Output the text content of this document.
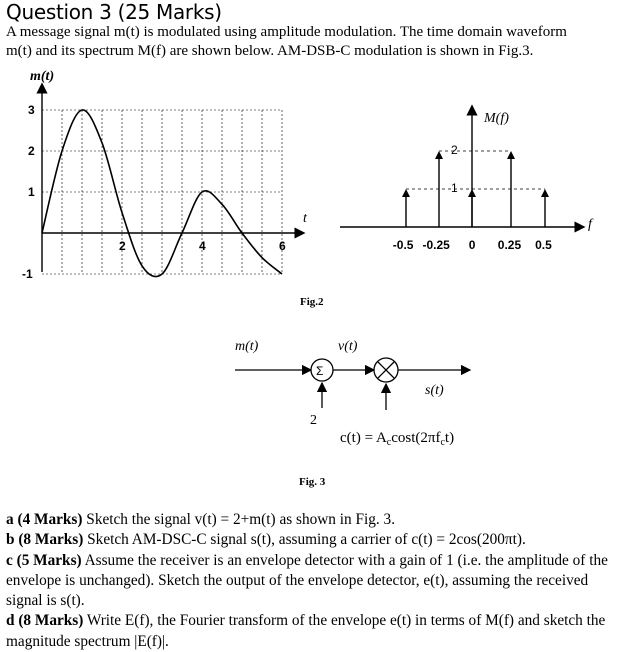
Question 3 (25 Marks)
A message signal m(t) is modulated using amplitude modulation. The time domain waveform
m(t) and its spectrum M(f) are shown below. AM-DSB-C modulation is shown in Fig.3.
m(t)
t
3
2
1
-1
2	4	6
M(f)
f
2
1
-0.5 -0.25 0 0.25 0.5
Fig.2
m(t)	v(t)
Σ
2
s(t)
$c(t) = A_c\cos t(2\pi f_ct)$
Fig. 3
a (4 Marks) Sketch the signal v(t) = 2+m(t) as shown in Fig. 3.
b (8 Marks) Sketch AM-DSC-C signal s(t), assuming a carrier of c(t) = 2cos(200πt).
c (5 Marks) Assume the receiver is an envelope detector with a gain of 1 (i.e. the amplitude of the envelope is unchanged). Sketch the output of the envelope detector, e(t), assuming the received signal is s(t).
d (8 Marks) Write E(f), the Fourier transform of the envelope e(t) in terms of M(f) and sketch the magnitude spectrum |E(f)|.
